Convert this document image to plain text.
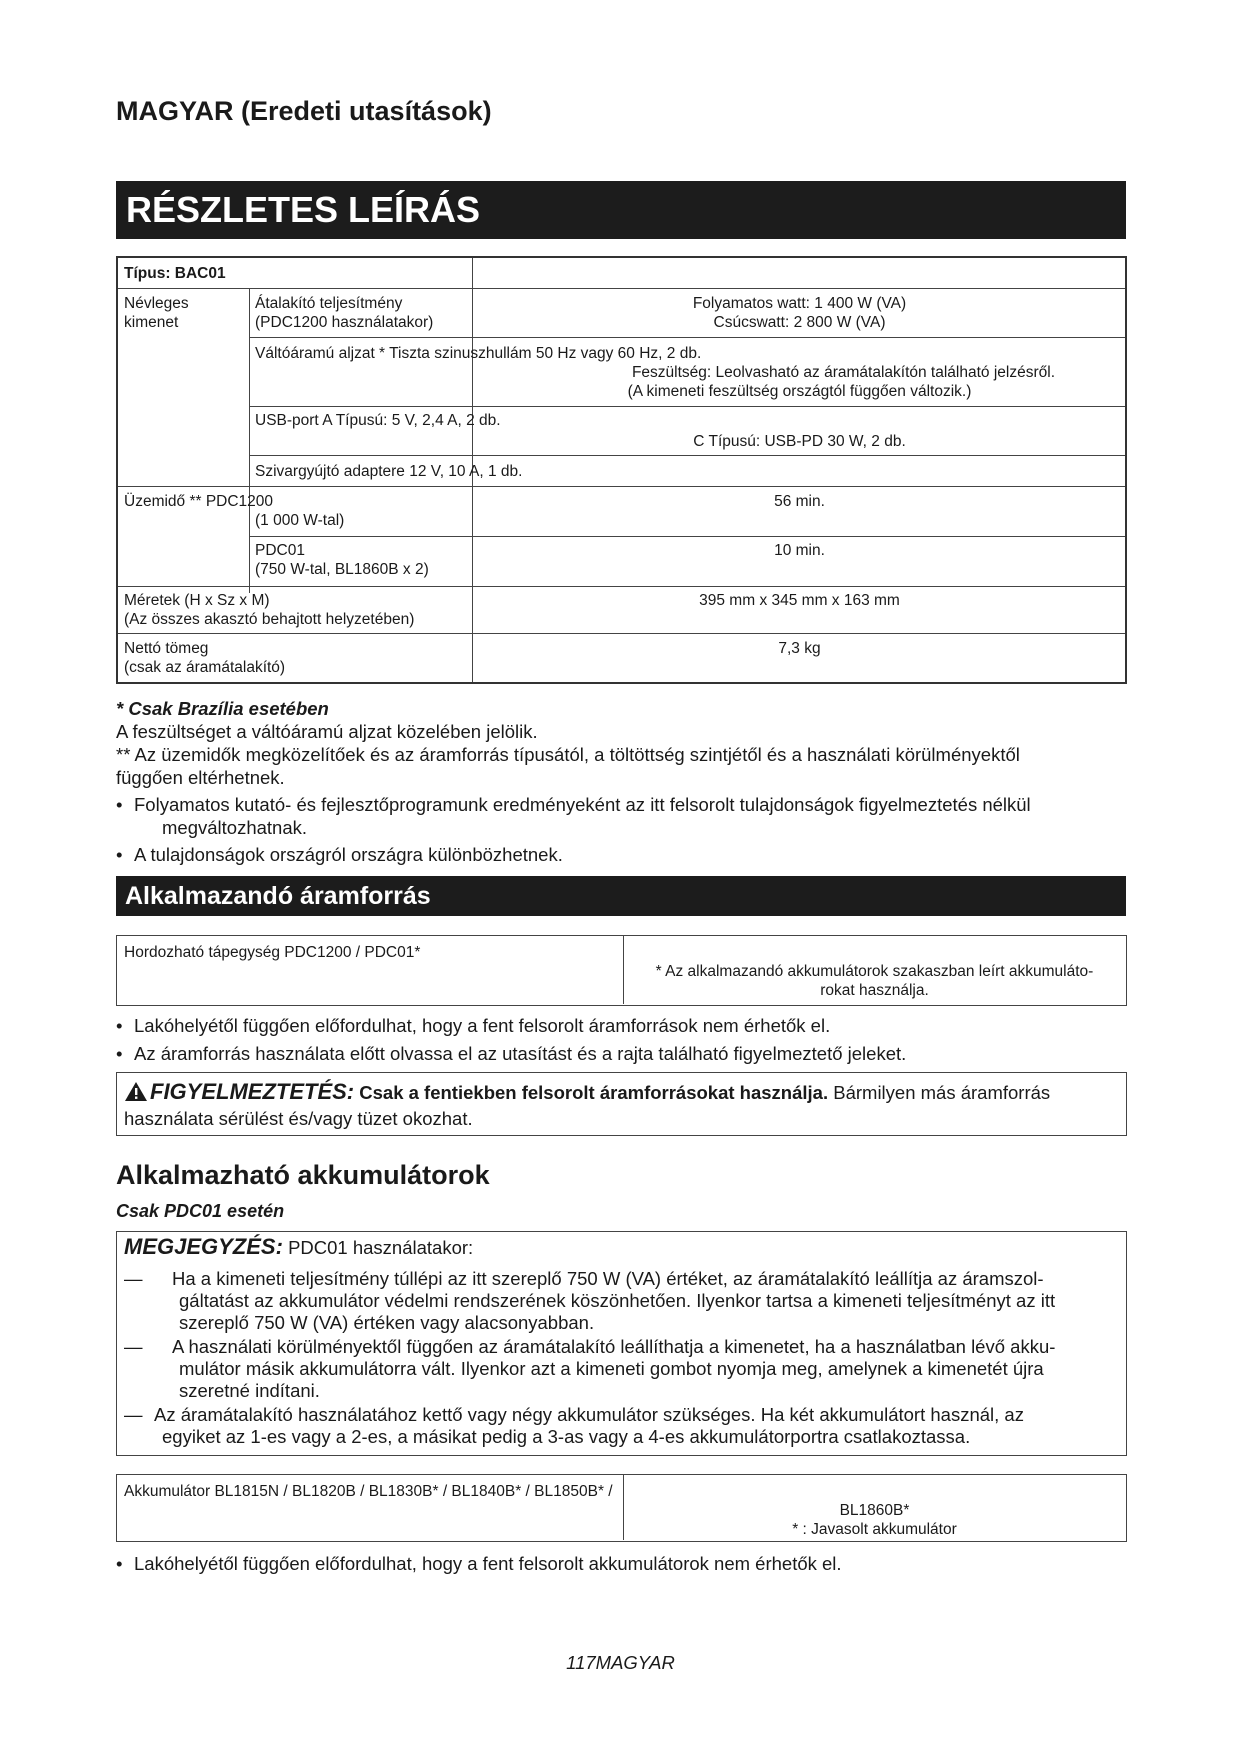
MAGYAR (Eredeti utasítások)
RÉSZLETES LEÍRÁS
Típus: BAC01
Névleges
kimenet
Átalakító teljesítmény
(PDC1200 használatakor)
Folyamatos watt: 1 400 W (VA)
Csúcswatt: 2 800 W (VA)
Váltóáramú aljzat * Tiszta szinuszhullám 50 Hz vagy 60 Hz, 2 db.
Feszültség: Leolvasható az áramátalakítón található jelzésről.
(A kimeneti feszültség országtól függően változik.)
USB-port A Típusú: 5 V, 2,4 A, 2 db.
C Típusú: USB-PD 30 W, 2 db.
Szivargyújtó adaptere 12 V, 10 A, 1 db.
Üzemidő ** PDC1200
(1 000 W-tal)
56 min.
PDC01
(750 W-tal, BL1860B x 2)
10 min.
Méretek (H x Sz x M)
(Az összes akasztó behajtott helyzetében)
395 mm x 345 mm x 163 mm
Nettó tömeg
(csak az áramátalakító)
7,3 kg
* Csak Brazília esetében
A feszültséget a váltóáramú aljzat közelében jelölik.
** Az üzemidők megközelítőek és az áramforrás típusától, a töltöttség szintjétől és a használati körülményektől
függően eltérhetnek.
• Folyamatos kutató- és fejlesztőprogramunk eredményeként az itt felsorolt tulajdonságok figyelmeztetés nélkül
megváltozhatnak.
• A tulajdonságok országról országra különbözhetnek.
Alkalmazandó áramforrás
Hordozható tápegység PDC1200 / PDC01*
* Az alkalmazandó akkumulátorok szakaszban leírt akkumuláto-
rokat használja.
• Lakóhelyétől függően előfordulhat, hogy a fent felsorolt áramforrások nem érhetők el.
• Az áramforrás használata előtt olvassa el az utasítást és a rajta található figyelmeztető jeleket.
FIGYELMEZTETÉS: Csak a fentiekben felsorolt áramforrásokat használja. Bármilyen más áramforrás
használata sérülést és/vagy tüzet okozhat.
Alkalmazható akkumulátorok
Csak PDC01 esetén
MEGJEGYZÉS: PDC01 használatakor:
—	Ha a kimeneti teljesítmény túllépi az itt szereplő 750 W (VA) értéket, az áramátalakító leállítja az áramszol-
gáltatást az akkumulátor védelmi rendszerének köszönhetően. Ilyenkor tartsa a kimeneti teljesítményt az itt
szereplő 750 W (VA) értéken vagy alacsonyabban.
—	A használati körülményektől függően az áramátalakító leállíthatja a kimenetet, ha a használatban lévő akku-
mulátor másik akkumulátorra vált. Ilyenkor azt a kimeneti gombot nyomja meg, amelynek a kimenetét újra
szeretné indítani.
— Az áramátalakító használatához kettő vagy négy akkumulátor szükséges. Ha két akkumulátort használ, az
egyiket az 1-es vagy a 2-es, a másikat pedig a 3-as vagy a 4-es akkumulátorportra csatlakoztassa.
Akkumulátor BL1815N / BL1820B / BL1830B* / BL1840B* / BL1850B* /
BL1860B*
* : Javasolt akkumulátor
• Lakóhelyétől függően előfordulhat, hogy a fent felsorolt akkumulátorok nem érhetők el.
117MAGYAR
